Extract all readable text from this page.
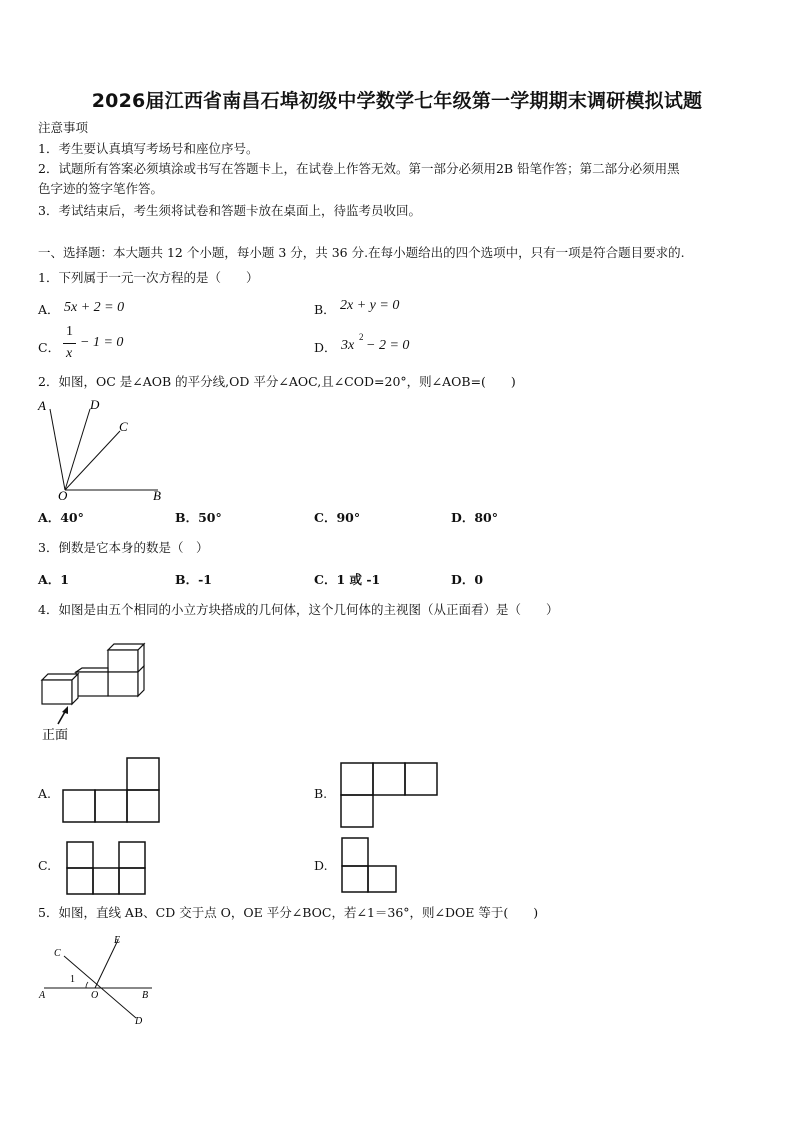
2026届江西省南昌石埠初级中学数学七年级第一学期期末调研模拟试题
注意事项
1．考生要认真填写考场号和座位序号。
2．试题所有答案必须填涂或书写在答题卡上，在试卷上作答无效。第一部分必须用2B 铅笔作答；第二部分必须用黑
色字迹的签字笔作答。
3．考试结束后，考生须将试卷和答题卡放在桌面上，待监考员收回。
一、选择题：本大题共 12 个小题，每小题 3 分，共 36 分.在每小题给出的四个选项中，只有一项是符合题目要求的.
1．下列属于一元一次方程的是（　　）
A． 5x + 2 = 0	B． 2x + y = 0
C．
1
x
− 1 = 0	D． 3x
2
− 2 = 0
2．如图，OC 是∠AOB 的平分线,OD 平分∠AOC,且∠COD=20°，则∠AOB=(　　)
A	D
C
O	B
A．40°	B．50°	C．90°	D．80°
3．倒数是它本身的数是（　）
A．1	B．-1	C．1 或 -1	D．0
4．如图是由五个相同的小立方块搭成的几何体，这个几何体的主视图（从正面看）是（　　）
正面
A.	B.
C.	D.
5．如图，直线 AB、CD 交于点 O，OE 平分∠BOC，若∠1＝36°，则∠DOE 等于(　　)
C
E
1
A	O	B
D
